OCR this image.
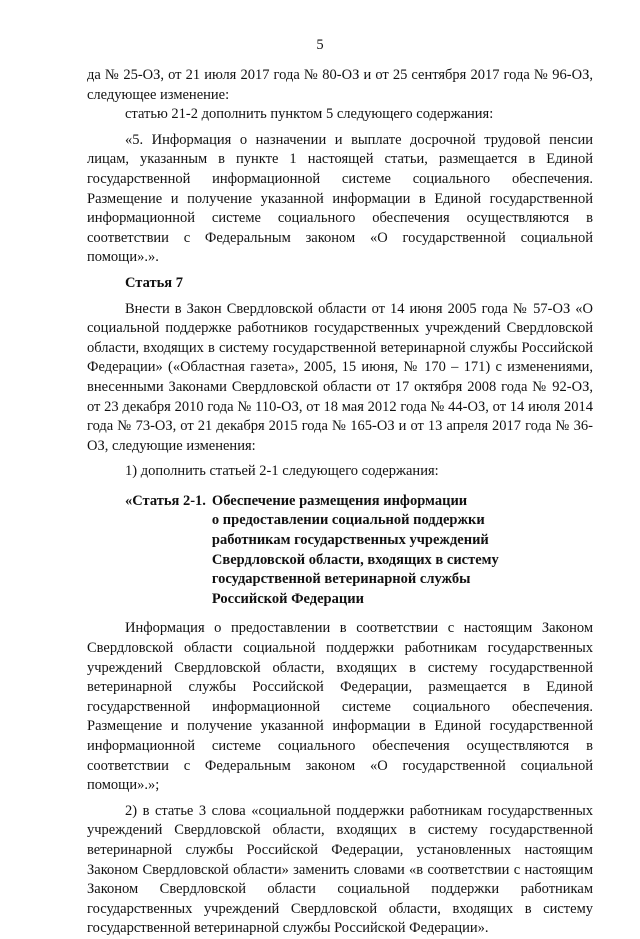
5

да № 25-ОЗ, от 21 июля 2017 года № 80-ОЗ и от 25 сентября 2017 года № 96-ОЗ, следующее изменение:

статью 21-2 дополнить пунктом 5 следующего содержания:

«5. Информация о назначении и выплате досрочной трудовой пенсии лицам, указанным в пункте 1 настоящей статьи, размещается в Единой государственной информационной системе социального обеспечения. Размещение и получение указанной информации в Единой государственной информационной системе социального обеспечения осуществляются в соответствии с Федеральным законом «О государственной социальной помощи».».

Статья 7

Внести в Закон Свердловской области от 14 июня 2005 года № 57-ОЗ «О социальной поддержке работников государственных учреждений Свердловской области, входящих в систему государственной ветеринарной службы Российской Федерации» («Областная газета», 2005, 15 июня, № 170 – 171) с изменениями, внесенными Законами Свердловской области от 17 октября 2008 года № 92-ОЗ, от 23 декабря 2010 года № 110-ОЗ, от 18 мая 2012 года № 44-ОЗ, от 14 июля 2014 года № 73-ОЗ, от 21 декабря 2015 года № 165-ОЗ и от 13 апреля 2017 года № 36-ОЗ, следующие изменения:

1) дополнить статьей 2-1 следующего содержания:

«Статья 2-1. Обеспечение размещения информации
о предоставлении социальной поддержки
работникам государственных учреждений
Свердловской области, входящих в систему
государственной ветеринарной службы
Российской Федерации

Информация о предоставлении в соответствии с настоящим Законом Свердловской области социальной поддержки работникам государственных учреждений Свердловской области, входящих в систему государственной ветеринарной службы Российской Федерации, размещается в Единой государственной информационной системе социального обеспечения. Размещение и получение указанной информации в Единой государственной информационной системе социального обеспечения осуществляются в соответствии с Федеральным законом «О государственной социальной помощи».»;

2) в статье 3 слова «социальной поддержки работникам государственных учреждений Свердловской области, входящих в систему государственной ветеринарной службы Российской Федерации, установленных настоящим Законом Свердловской области» заменить словами «в соответствии с настоящим Законом Свердловской области социальной поддержки работникам государственных учреждений Свердловской области, входящих в систему государственной ветеринарной службы Российской Федерации».
